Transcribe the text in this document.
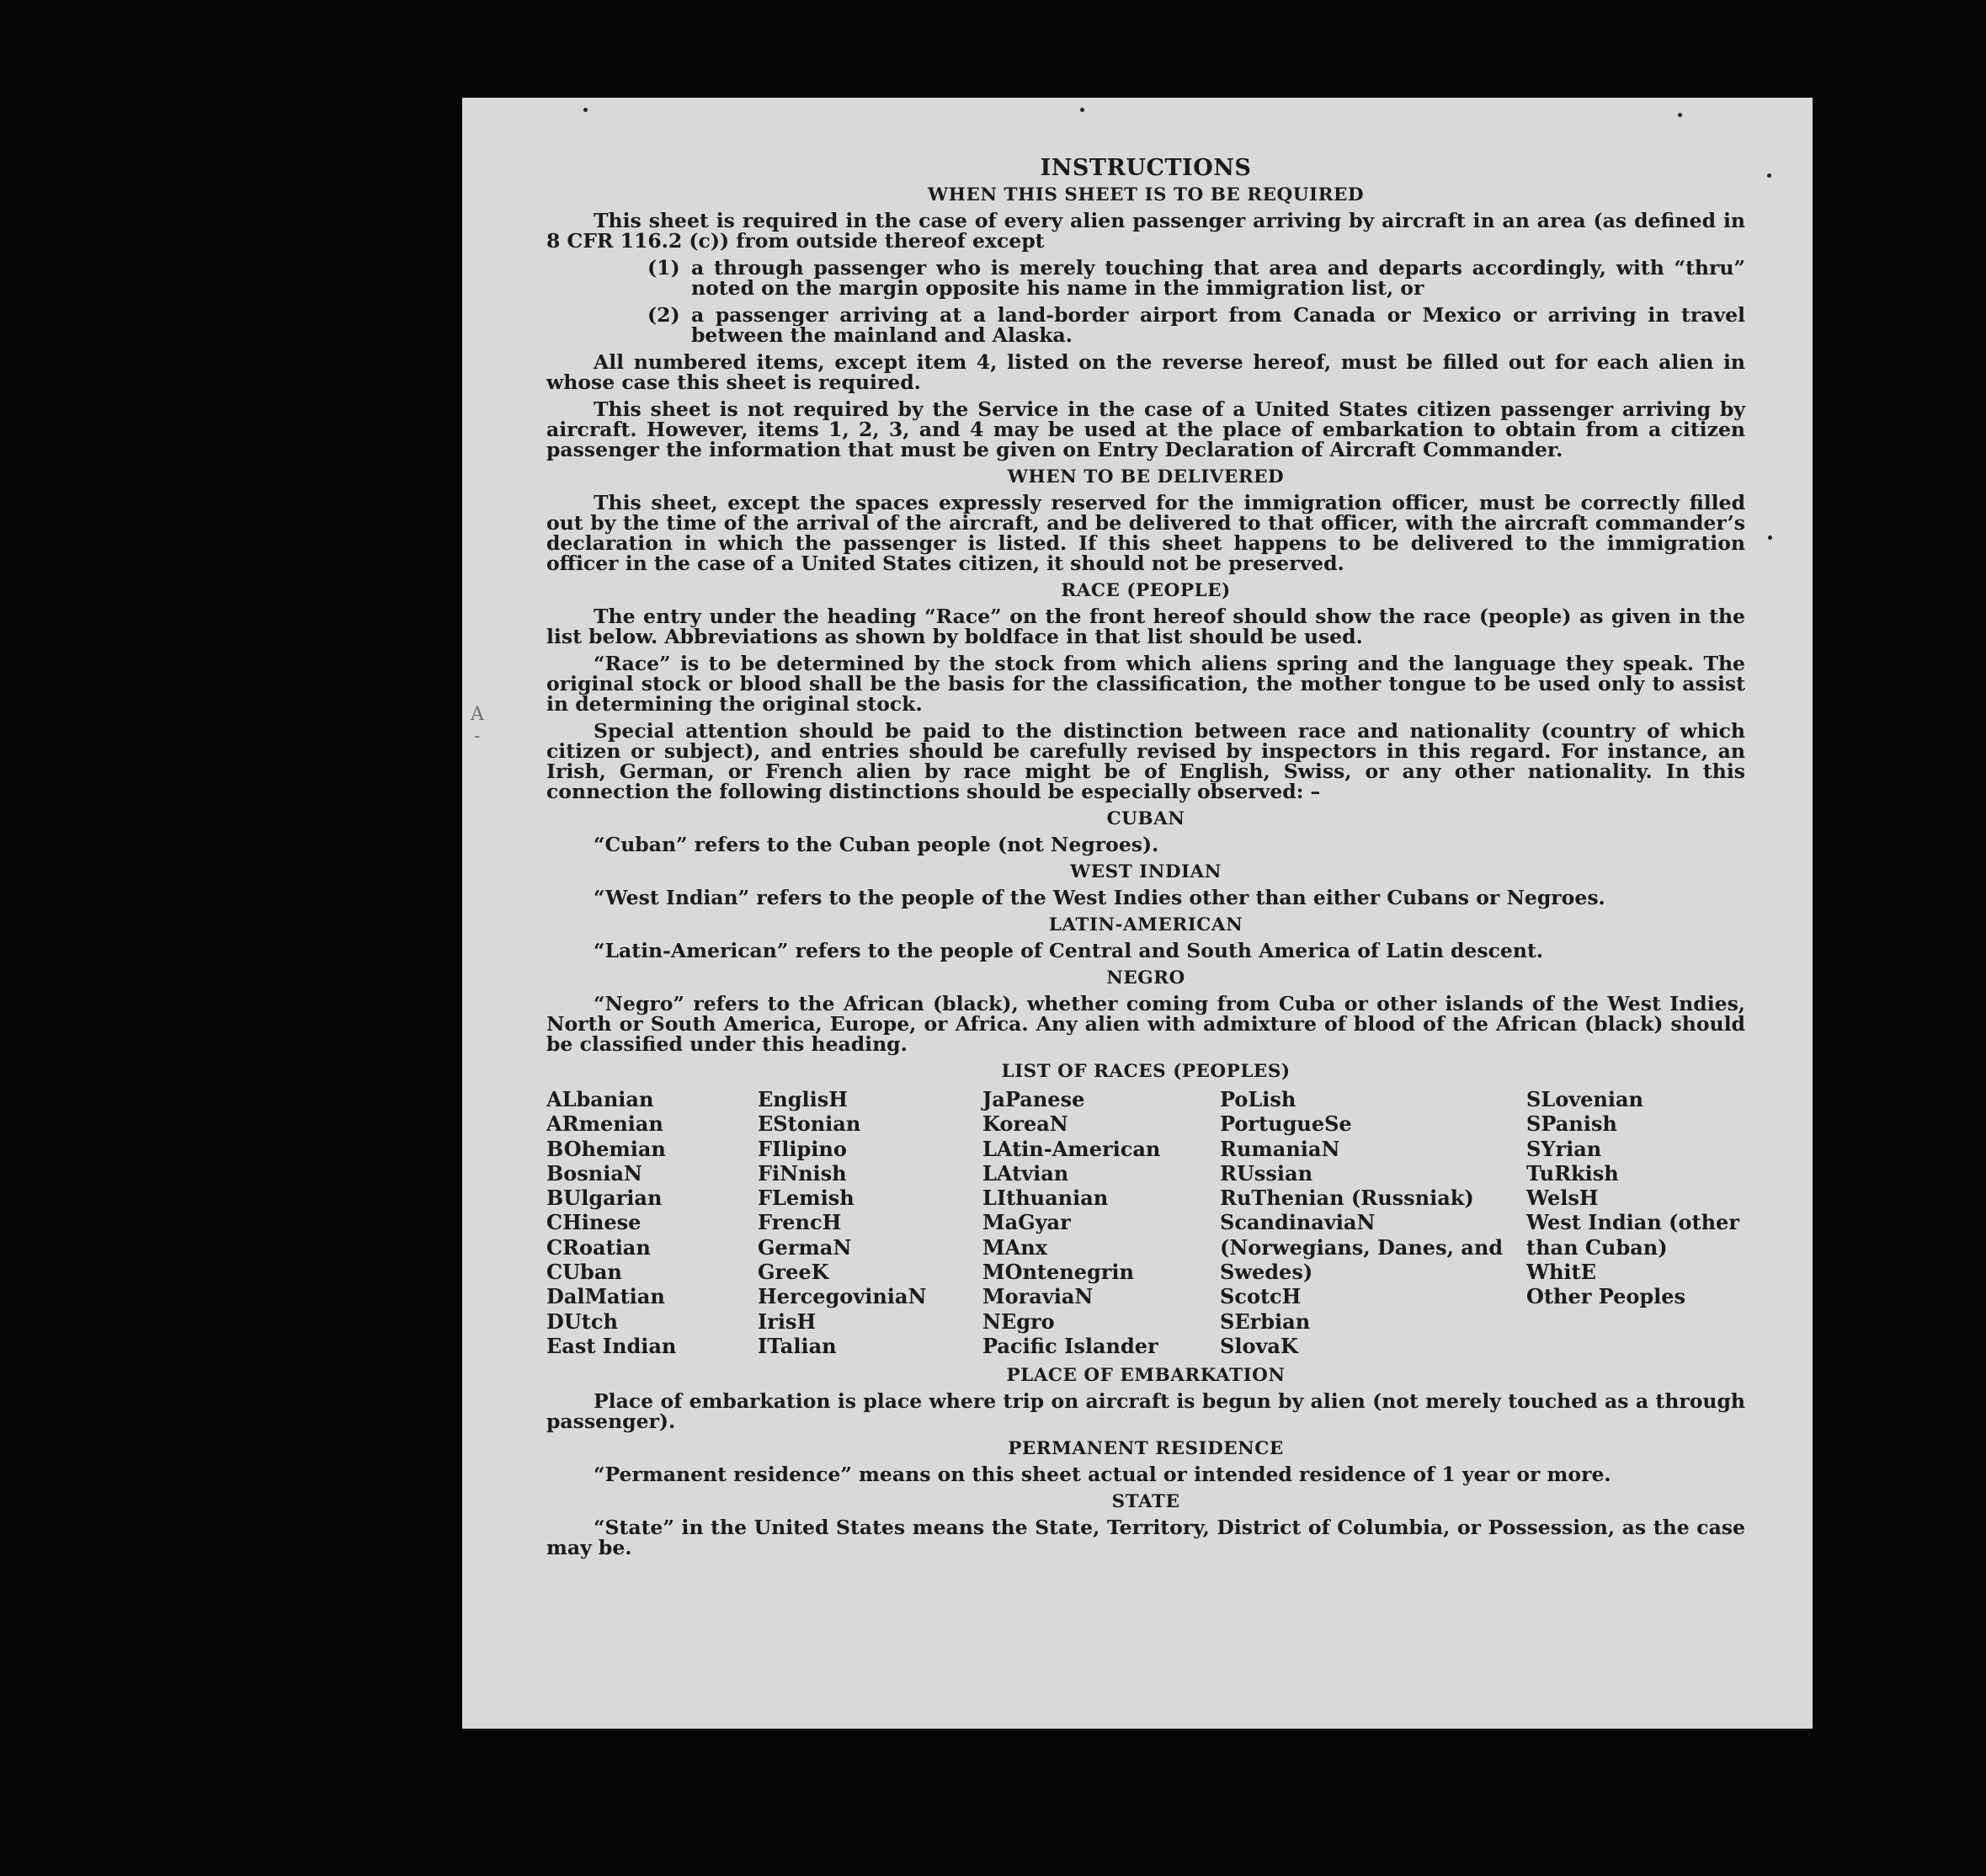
A
-
INSTRUCTIONS
WHEN THIS SHEET IS TO BE REQUIRED

This sheet is required in the case of every alien passenger arriving by aircraft in an area (as defined in 8 CFR 116.2 (c)) from outside thereof except

(1) a through passenger who is merely touching that area and departs accordingly, with “thru” noted on the margin opposite his name in the immigration list, or
(2) a passenger arriving at a land-border airport from Canada or Mexico or arriving in travel between the mainland and Alaska.

All numbered items, except item 4, listed on the reverse hereof, must be filled out for each alien in whose case this sheet is required.

This sheet is not required by the Service in the case of a United States citizen passenger arriving by aircraft. However, items 1, 2, 3, and 4 may be used at the place of embarkation to obtain from a citizen passenger the information that must be given on Entry Declaration of Aircraft Commander.

WHEN TO BE DELIVERED

This sheet, except the spaces expressly reserved for the immigration officer, must be correctly filled out by the time of the arrival of the aircraft, and be delivered to that officer, with the aircraft commander’s declaration in which the passenger is listed. If this sheet happens to be delivered to the immigration officer in the case of a United States citizen, it should not be preserved.

RACE (PEOPLE)

The entry under the heading “Race” on the front hereof should show the race (people) as given in the list below. Abbreviations as shown by boldface in that list should be used.

“Race” is to be determined by the stock from which aliens spring and the language they speak. The original stock or blood shall be the basis for the classification, the mother tongue to be used only to assist in determining the original stock.

Special attention should be paid to the distinction between race and nationality (country of which citizen or subject), and entries should be carefully revised by inspectors in this regard. For instance, an Irish, German, or French alien by race might be of English, Swiss, or any other nationality. In this connection the following distinctions should be especially observed: –

CUBAN

“Cuban” refers to the Cuban people (not Negroes).

WEST INDIAN

“West Indian” refers to the people of the West Indies other than either Cubans or Negroes.

LATIN-AMERICAN

“Latin-American” refers to the people of Central and South America of Latin descent.

NEGRO

“Negro” refers to the African (black), whether coming from Cuba or other islands of the West Indies, North or South America, Europe, or Africa. Any alien with admixture of blood of the African (black) should be classified under this heading.

LIST OF RACES (PEOPLES)
ALbanian
ARmenian
BOhemian
BosniaN
BUlgarian
CHinese
CRoatian
CUban
DalMatian
DUtch
East Indian
EnglisH
EStonian
FIlipino
FiNnish
FLemish
FrencH
GermaN
GreeK
HercegoviniaN
IrisH
ITalian
JaPanese
KoreaN
LAtin-American
LAtvian
LIthuanian
MaGyar
MAnx
MOntenegrin
MoraviaN
NEgro
Pacific Islander
PoLish
PortugueSe
RumaniaN
RUssian
RuThenian (Russniak)
ScandinaviaN (Norwegians, Danes, and Swedes)
ScotcH
SErbian
SlovaK
SLovenian
SPanish
SYrian
TuRkish
WelsH
West Indian (other than Cuban)
WhitE
Other Peoples
PLACE OF EMBARKATION

Place of embarkation is place where trip on aircraft is begun by alien (not merely touched as a through passenger).

PERMANENT RESIDENCE

“Permanent residence” means on this sheet actual or intended residence of 1 year or more.

STATE

“State” in the United States means the State, Territory, District of Columbia, or Possession, as the case may be.
